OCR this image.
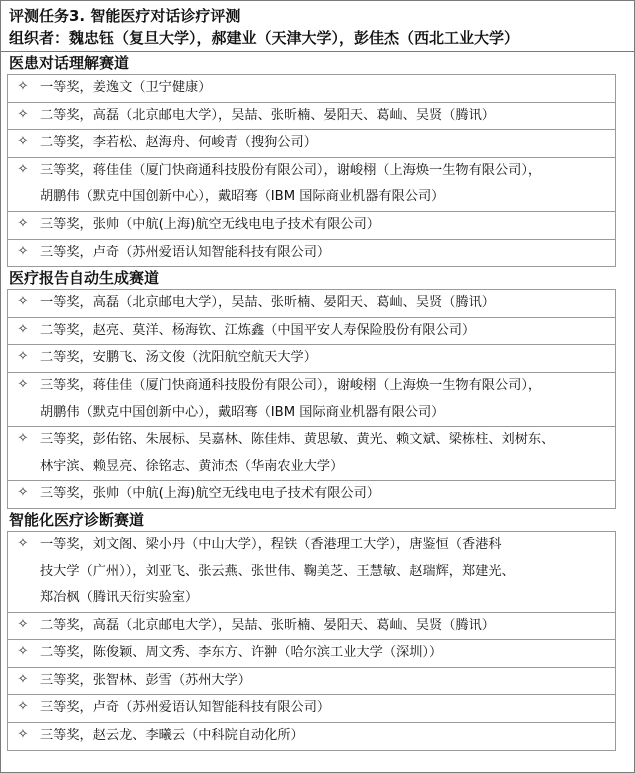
评测任务3. 智能医疗对话诊疗评测
组织者：魏忠钰（复旦大学），郝建业（天津大学），彭佳杰（西北工业大学）
医患对话理解赛道
✧ 一等奖，姜逸文（卫宁健康）
✧ 二等奖，高磊（北京邮电大学），吴喆、张昕楠、晏阳天、葛屾、吴贤（腾讯）
✧ 二等奖，李若松、赵海舟、何峻青（搜狗公司）
✧ 三等奖，蒋佳佳（厦门快商通科技股份有限公司），谢峻栩（上海焕一生物有限公司），
胡鹏伟（默克中国创新中心），戴昭骞（IBM 国际商业机器有限公司）
✧ 三等奖，张帅（中航(上海)航空无线电电子技术有限公司）
✧ 三等奖，卢奇（苏州爱语认知智能科技有限公司）
医疗报告自动生成赛道
✧ 一等奖，高磊（北京邮电大学），吴喆、张昕楠、晏阳天、葛屾、吴贤（腾讯）
✧ 二等奖，赵亮、莫洋、杨海钦、江炼鑫（中国平安人寿保险股份有限公司）
✧ 二等奖，安鹏飞、汤文俊（沈阳航空航天大学）
✧ 三等奖，蒋佳佳（厦门快商通科技股份有限公司），谢峻栩（上海焕一生物有限公司），
胡鹏伟（默克中国创新中心），戴昭骞（IBM 国际商业机器有限公司）
✧ 三等奖，彭佑铭、朱展标、吴嘉林、陈佳炜、黄思敏、黄光、赖文斌、梁栋柱、刘树东、
林宇滨、赖昱亮、徐铭志、黄沛杰（华南农业大学）
✧ 三等奖，张帅（中航(上海)航空无线电电子技术有限公司）
智能化医疗诊断赛道
✧ 一等奖，刘文阁、梁小丹（中山大学），程铁（香港理工大学），唐鉴恒（香港科
技大学（广州）），刘亚飞、张云燕、张世伟、鞠美芝、王慧敏、赵瑞辉，郑建光、
郑冶枫（腾讯天衍实验室）
✧ 二等奖，高磊（北京邮电大学），吴喆、张昕楠、晏阳天、葛屾、吴贤（腾讯）
✧ 二等奖，陈俊颖、周文秀、李东方、许翀（哈尔滨工业大学（深圳））
✧ 三等奖，张智林、彭雪（苏州大学）
✧ 三等奖，卢奇（苏州爱语认知智能科技有限公司）
✧ 三等奖，赵云龙、李曦云（中科院自动化所）
